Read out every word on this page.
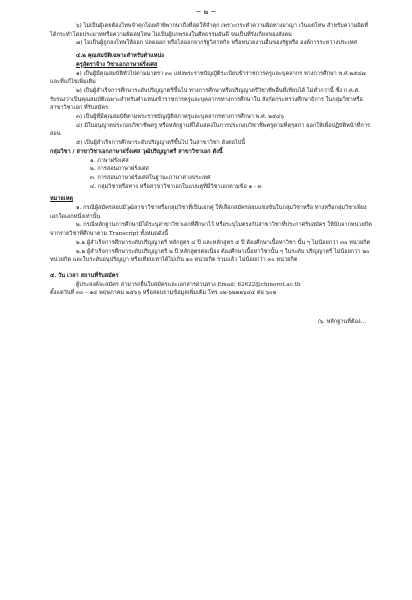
~ ๒ ~

๖) ไม่เป็นผู้เคยต้องโทษจำคุกโดยคำพิพากษาถึงที่สุดให้จำคุก เพราะกระทำความผิดทางอาญา เว้นแต่โทษ สำหรับความผิดที่ได้กระทำโดยประมาทหรือความผิดลหุโทษ ไม่เป็นผู้บกพร่องในศีลธรรมอันดี จนเป็นที่รังเกียจของสังคม

๗) ไม่เป็นผู้ถูกลงโทษให้ออก ปลดออก หรือไล่ออกจากรัฐวิสาหกิจ หรือหน่วยงานอื่นของรัฐหรือ องค์การระหว่างประเทศ

๔.๒ คุณสมบัติเฉพาะสำหรับตำแหน่ง

ครูอัตราจ้าง วิชาเอกภาษาฝรั่งเศส

๑) เป็นผู้มีคุณสมบัติทั่วไปตามมาตรา ๓๐ แห่งพระราชบัญญัติระเบียบข้าราชการครูและบุคลากร ทางการศึกษา พ.ศ.๒๕๔๗ และที่แก้ไขเพิ่มเติม

๒) เป็นผู้สำเร็จการศึกษาระดับปริญญาตรีขึ้นไป ทางการศึกษาหรือปริญญาตรีวิชาชีพอื่นที่เทียบได้ ไม่ต่ำกว่านี้ ซึ่ง ก.ค.ศ. รับรองว่าเป็นคุณสมบัติเฉพาะสำหรับตำแหน่งข้าราชการครูและบุคลากรทางการศึกษาใน สังกัดกระทรวงศึกษาธิการ ในกลุ่มวิชาหรือสาขาวิชาเอก ที่รับสมัคร

๓) เป็นผู้ที่มีคุณสมบัติตามพระราชบัญญัติสภาครูและบุคลากรทางการศึกษา พ.ศ. ๒๕๔๖

๔) มีใบอนุญาตประกอบวิชาชีพครู หรือหลักฐานที่ได้แสดงในการประกอบวิชาชีพครูตามที่คุรุสภา ออกให้เพื่อปฏิบัติหน้าที่การสอน

๕) เป็นผู้สำเร็จการศึกษาระดับปริญญาตรีขึ้นไป ในสาขาวิชา ดังต่อไปนี้

กลุ่มวิชา / สาขาวิชาเอกภาษาฝรั่งเศส วุฒิปริญญาตรี สาขาวิชาเอก ดังนี้

๑. ภาษาฝรั่งเศส

๒. การสอนภาษาฝรั่งเศส

๓. การสอนภาษาฝรั่งเศสในฐานะภาษาต่างประเทศ

๔. กลุ่มวิชาหรือทาง หรือสาขาวิชาเอกในแบบคู่ที่มีวิชาเอกตามข้อ ๑ - ๓

หมายเหตุ

๑. กรณีผู้สมัครสอบมีวุฒิสาขาวิชาหรือกลุ่มวิชาที่เป็นเอกคู่ ให้เลือกสมัครสอบแข่งขันในกลุ่มวิชาหรือ ทางหรือกลุ่มวิชาเพียงเอกใดเอกหนึ่งเท่านั้น

๒. กรณีหลักฐานการศึกษามิได้ระบุสาขาวิชาเอกที่ศึกษาไว้ หรือระบุไม่ตรงกับสาขาวิชาที่ประกาศรับสมัคร ให้นับจากหน่วยกิต จากรายวิชาที่ศึกษาตาม Transcript ทั้งหมดดังนี้

๒.๑ ผู้สำเร็จการศึกษาระดับปริญญาตรี หลักสูตร ๔ ปี และหลักสูตร ๕ ปี ต้องศึกษาเนื้อหาวิชา นั้น ๆ ไม่น้อยกว่า ๓๐ หน่วยกิต

๒.๒ ผู้สำเร็จการศึกษาระดับปริญญาตรี ๒ ปี หลักสูตรต่อเนื่อง ต้องศึกษาเนื้อหาวิชานั้น ๆ ในระดับ ปริญญาตรี ไม่น้อยกว่า ๒๐ หน่วยกิต และในระดับอนุปริญญา หรือเทียบเท่าได้ไม่เกิน ๑๐ หน่วยกิต รวมแล้ว ไม่น้อยกว่า ๓๐ หน่วยกิต

๕. วัน เวลา สถานที่รับสมัคร

ผู้ประสงค์จะสมัคร สามารถยื่นใบสมัครและเอกสารผ่านทาง Email: 62622@chinorot.ac.th

ตั้งแต่วันที่ ๓๐ – ๑๔ พฤษภาคม ๒๕๖๖ หรือสอบถามข้อมูลเพิ่มเติม โทร ๐๒-๖๒๒๒๖๔๔ ต่อ ๖๐๒

/๖. หลักฐานที่ต้อง...
